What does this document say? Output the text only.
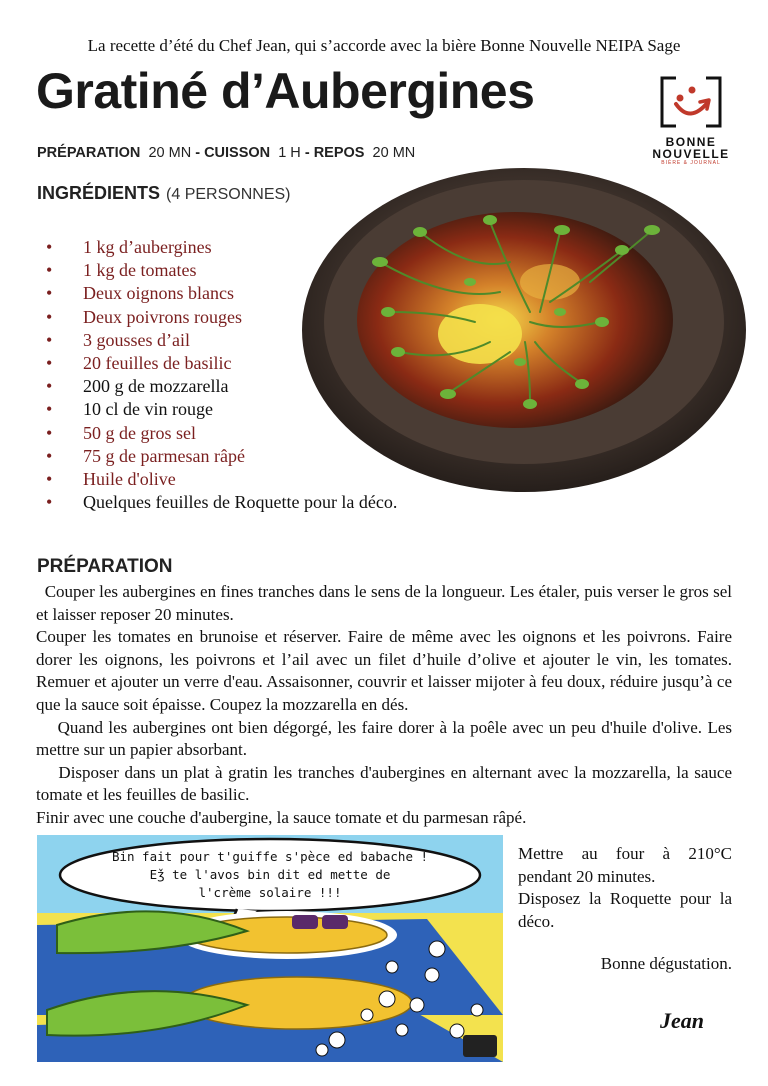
La recette d’été du Chef Jean, qui s’accorde avec la bière Bonne Nouvelle NEIPA Sage
Gratiné d’Aubergines
PRÉPARATION 20 MN - CUISSON 1 H - REPOS 20 MN
BONNE
NOUVELLE
BIÈRE & JOURNAL
INGRÉDIENTS (4 PERSONNES)
• 1 kg d’aubergines
• 1 kg de tomates
• Deux oignons blancs
• Deux poivrons rouges
• 3 gousses d’ail
• 20 feuilles de basilic
• 200 g de mozzarella
• 10 cl de vin rouge
• 50 g de gros sel
• 75 g de parmesan râpé
• Huile d'olive
• Quelques feuilles de Roquette pour la déco.
PRÉPARATION

Couper les aubergines en fines tranches dans le sens de la longueur. Les étaler, puis verser le gros sel et laisser reposer 20 minutes.

Couper les tomates en brunoise et réserver. Faire de même avec les oignons et les poivrons. Faire dorer les oignons, les poivrons et l’ail avec un filet d’huile d’olive et ajouter le vin, les tomates. Remuer et ajouter un verre d'eau. Assaisonner, couvrir et laisser mijoter à feu doux, réduire jusqu’à ce que la sauce soit épaisse. Coupez la mozzarella en dés.

Quand les aubergines ont bien dégorgé, les faire dorer à la poêle avec un peu d'huile d'olive. Les mettre sur un papier absorbant.

Disposer dans un plat à gratin les tranches d'aubergines en alternant avec la mozzarella, la sauce tomate et les feuilles de basilic.

Finir avec une couche d'aubergine, la sauce tomate et du parmesan râpé.

Bin fait pour t'guiffe s'pèce ed babache !
Eǯ te l'avos bin dit ed mette de
l'crème solaire !!!

Mettre au four à 210°C pendant 20 minutes.

Disposez la Roquette pour la déco.

Bonne dégustation.
Jean
